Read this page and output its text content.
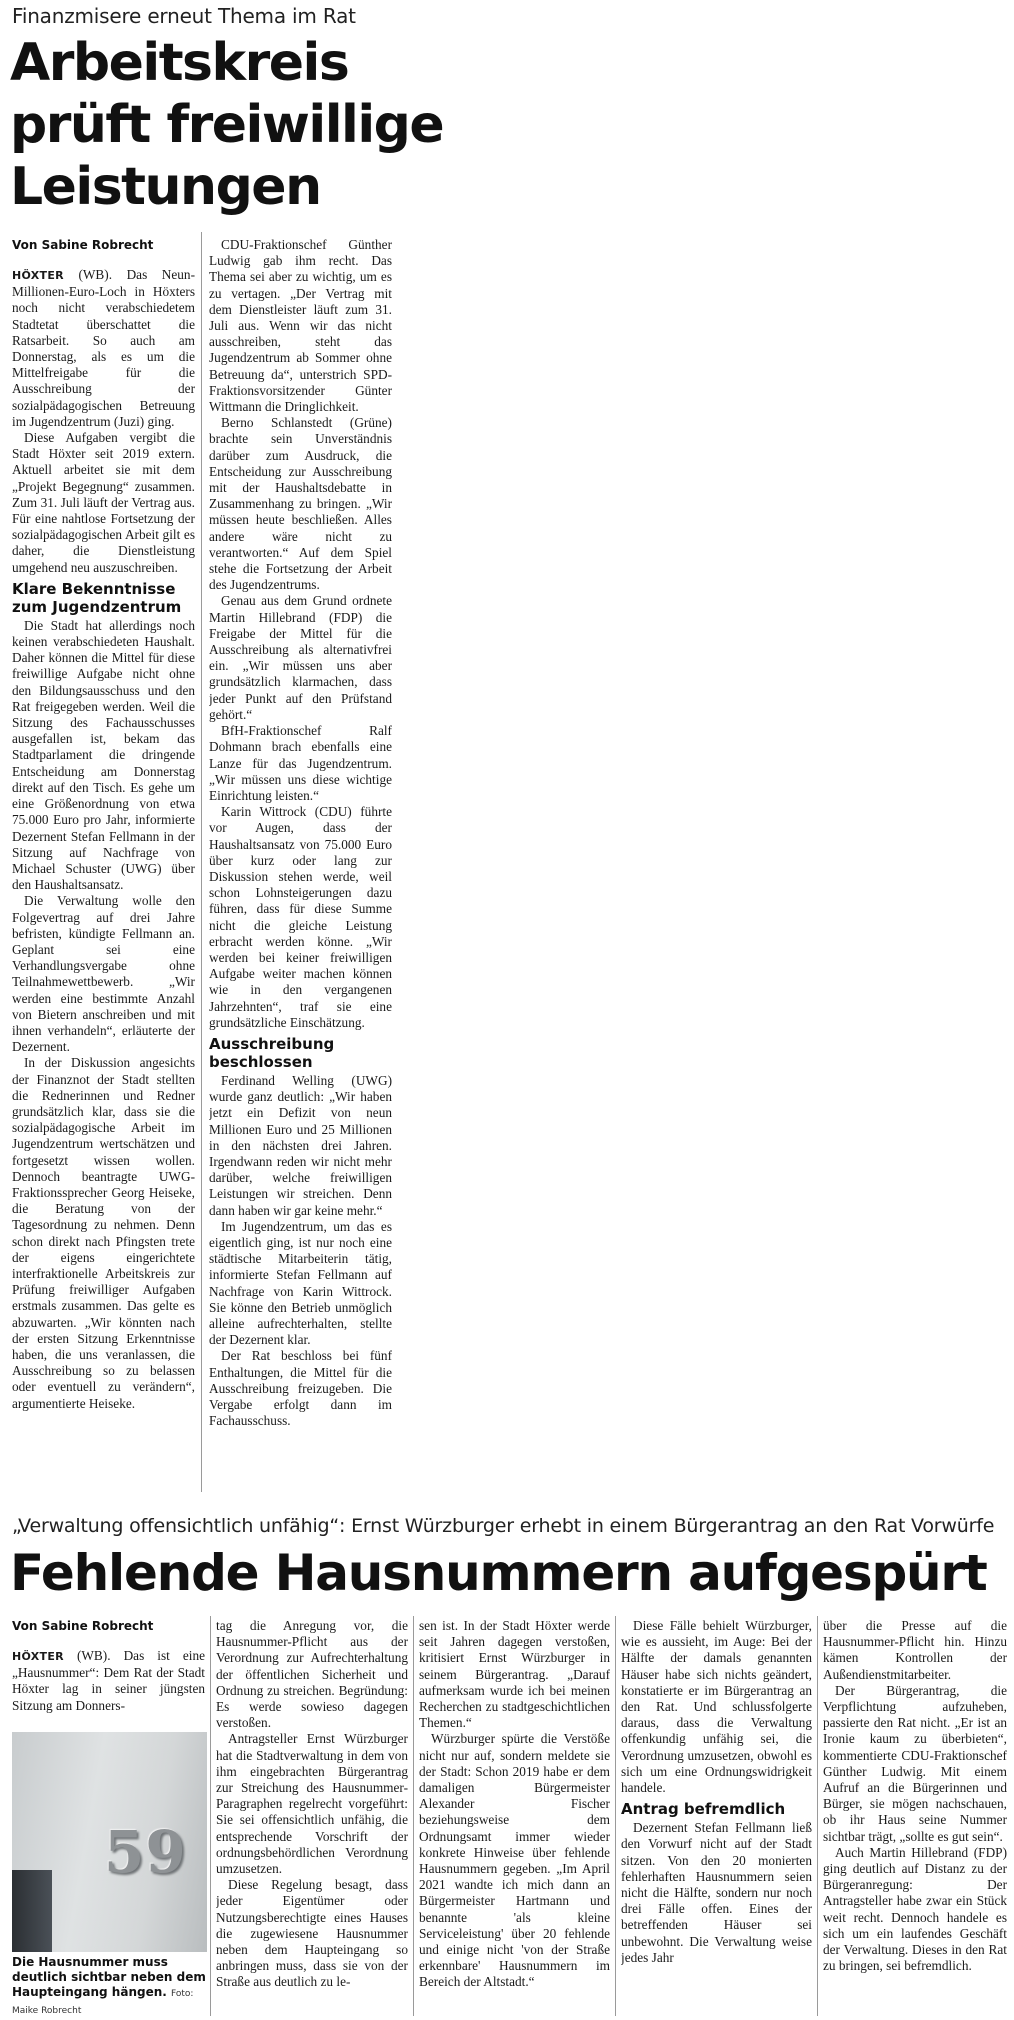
Finanzmisere erneut Thema im Rat
Arbeitskreis
prüft freiwillige
Leistungen
Von Sabine Robrecht

HÖXTER (WB). Das Neun-Millionen-Euro-Loch in Höxters noch nicht verabschiedetem Stadtetat überschattet die Ratsarbeit. So auch am Donnerstag, als es um die Mittelfreigabe für die Ausschreibung der sozialpädagogischen Betreuung im Jugendzentrum (Juzi) ging.

Diese Aufgaben vergibt die Stadt Höxter seit 2019 extern. Aktuell arbeitet sie mit dem „Projekt Begegnung“ zusammen. Zum 31. Juli läuft der Vertrag aus. Für eine nahtlose Fortsetzung der sozialpädagogischen Arbeit gilt es daher, die Dienstleistung umgehend neu auszuschreiben.

Klare Bekenntnisse zum Jugendzentrum

Die Stadt hat allerdings noch keinen verabschiedeten Haushalt. Daher können die Mittel für diese freiwillige Aufgabe nicht ohne den Bildungsausschuss und den Rat freigegeben werden. Weil die Sitzung des Fachausschusses ausgefallen ist, bekam das Stadtparlament die dringende Entscheidung am Donnerstag direkt auf den Tisch. Es gehe um eine Größenordnung von etwa 75.000 Euro pro Jahr, informierte Dezernent Stefan Fellmann in der Sitzung auf Nachfrage von Michael Schuster (UWG) über den Haushaltsansatz.

Die Verwaltung wolle den Folgevertrag auf drei Jahre befristen, kündigte Fellmann an. Geplant sei eine Verhandlungsvergabe ohne Teilnahmewettbewerb. „Wir werden eine bestimmte Anzahl von Bietern anschreiben und mit ihnen verhandeln“, erläuterte der Dezernent.

In der Diskussion angesichts der Finanznot der Stadt stellten die Rednerinnen und Redner grundsätzlich klar, dass sie die sozialpädagogische Arbeit im Jugendzentrum wertschätzen und fortgesetzt wissen wollen. Dennoch beantragte UWG-Fraktionssprecher Georg Heiseke, die Beratung von der Tagesordnung zu nehmen. Denn schon direkt nach Pfingsten trete der eigens eingerichtete interfraktionelle Arbeitskreis zur Prüfung freiwilliger Aufgaben erstmals zusammen. Das gelte es abzuwarten. „Wir könnten nach der ersten Sitzung Erkenntnisse haben, die uns veranlassen, die Ausschreibung so zu belassen oder eventuell zu verändern“, argumentierte Heiseke.

CDU-Fraktionschef Günther Ludwig gab ihm recht. Das Thema sei aber zu wichtig, um es zu vertagen. „Der Vertrag mit dem Dienstleister läuft zum 31. Juli aus. Wenn wir das nicht ausschreiben, steht das Jugendzentrum ab Sommer ohne Betreuung da“, unterstrich SPD-Fraktionsvorsitzender Günter Wittmann die Dringlichkeit.

Berno Schlanstedt (Grüne) brachte sein Unverständnis darüber zum Ausdruck, die Entscheidung zur Ausschreibung mit der Haushaltsdebatte in Zusammenhang zu bringen. „Wir müssen heute beschließen. Alles andere wäre nicht zu verantworten.“ Auf dem Spiel stehe die Fortsetzung der Arbeit des Jugendzentrums.

Genau aus dem Grund ordnete Martin Hillebrand (FDP) die Freigabe der Mittel für die Ausschreibung als alternativfrei ein. „Wir müssen uns aber grundsätzlich klarmachen, dass jeder Punkt auf den Prüfstand gehört.“

BfH-Fraktionschef Ralf Dohmann brach ebenfalls eine Lanze für das Jugendzentrum. „Wir müssen uns diese wichtige Einrichtung leisten.“

Karin Wittrock (CDU) führte vor Augen, dass der Haushaltsansatz von 75.000 Euro über kurz oder lang zur Diskussion stehen werde, weil schon Lohnsteigerungen dazu führen, dass für diese Summe nicht die gleiche Leistung erbracht werden könne. „Wir werden bei keiner freiwilligen Aufgabe weiter machen können wie in den vergangenen Jahrzehnten“, traf sie eine grundsätzliche Einschätzung.

Ausschreibung beschlossen

Ferdinand Welling (UWG) wurde ganz deutlich: „Wir haben jetzt ein Defizit von neun Millionen Euro und 25 Millionen in den nächsten drei Jahren. Irgendwann reden wir nicht mehr darüber, welche freiwilligen Leistungen wir streichen. Denn dann haben wir gar keine mehr.“

Im Jugendzentrum, um das es eigentlich ging, ist nur noch eine städtische Mitarbeiterin tätig, informierte Stefan Fellmann auf Nachfrage von Karin Wittrock. Sie könne den Betrieb unmöglich alleine aufrechterhalten, stellte der Dezernent klar.

Der Rat beschloss bei fünf Enthaltungen, die Mittel für die Ausschreibung freizugeben. Die Vergabe erfolgt dann im Fachausschuss.

„Verwaltung offensichtlich unfähig“: Ernst Würzburger erhebt in einem Bürgerantrag an den Rat Vorwürfe
Fehlende Hausnummern aufgespürt
Von Sabine Robrecht

HÖXTER (WB). Das ist eine „Hausnummer“: Dem Rat der Stadt Höxter lag in seiner jüngsten Sitzung am Donners-

59
Die Hausnummer muss deutlich sichtbar neben dem Haupteingang hängen. Foto: Maike Robrecht

tag die Anregung vor, die Hausnummer-Pflicht aus der Verordnung zur Aufrechterhaltung der öffentlichen Sicherheit und Ordnung zu streichen. Begründung: Es werde sowieso dagegen verstoßen.

Antragsteller Ernst Würzburger hat die Stadtverwaltung in dem von ihm eingebrachten Bürgerantrag zur Streichung des Hausnummer-Paragraphen regelrecht vorgeführt: Sie sei offensichtlich unfähig, die entsprechende Vorschrift der ordnungsbehördlichen Verordnung umzusetzen.

Diese Regelung besagt, dass jeder Eigentümer oder Nutzungsberechtigte eines Hauses die zugewiesene Hausnummer neben dem Haupteingang so anbringen muss, dass sie von der Straße aus deutlich zu le-

sen ist. In der Stadt Höxter werde seit Jahren dagegen verstoßen, kritisiert Ernst Würzburger in seinem Bürgerantrag. „Darauf aufmerksam wurde ich bei meinen Recherchen zu stadtgeschichtlichen Themen.“

Würzburger spürte die Verstöße nicht nur auf, sondern meldete sie der Stadt: Schon 2019 habe er dem damaligen Bürgermeister Alexander Fischer beziehungsweise dem Ordnungsamt immer wieder konkrete Hinweise über fehlende Hausnummern gegeben. „Im April 2021 wandte ich mich dann an Bürgermeister Hartmann und benannte 'als kleine Serviceleistung' über 20 fehlende und einige nicht 'von der Straße erkennbare' Hausnummern im Bereich der Altstadt.“

Diese Fälle behielt Würzburger, wie es aussieht, im Auge: Bei der Hälfte der damals genannten Häuser habe sich nichts geändert, konstatierte er im Bürgerantrag an den Rat. Und schlussfolgerte daraus, dass die Verwaltung offenkundig unfähig sei, die Verordnung umzusetzen, obwohl es sich um eine Ordnungswidrigkeit handele.

Antrag befremdlich

Dezernent Stefan Fellmann ließ den Vorwurf nicht auf der Stadt sitzen. Von den 20 monierten fehlerhaften Hausnummern seien nicht die Hälfte, sondern nur noch drei Fälle offen. Eines der betreffenden Häuser sei unbewohnt. Die Verwaltung weise jedes Jahr

über die Presse auf die Hausnummer-Pflicht hin. Hinzu kämen Kontrollen der Außendienstmitarbeiter.

Der Bürgerantrag, die Verpflichtung aufzuheben, passierte den Rat nicht. „Er ist an Ironie kaum zu überbieten“, kommentierte CDU-Fraktionschef Günther Ludwig. Mit einem Aufruf an die Bürgerinnen und Bürger, sie mögen nachschauen, ob ihr Haus seine Nummer sichtbar trägt, „sollte es gut sein“.

Auch Martin Hillebrand (FDP) ging deutlich auf Distanz zu der Bürgeranregung: Der Antragsteller habe zwar ein Stück weit recht. Dennoch handele es sich um ein laufendes Geschäft der Verwaltung. Dieses in den Rat zu bringen, sei befremdlich.
